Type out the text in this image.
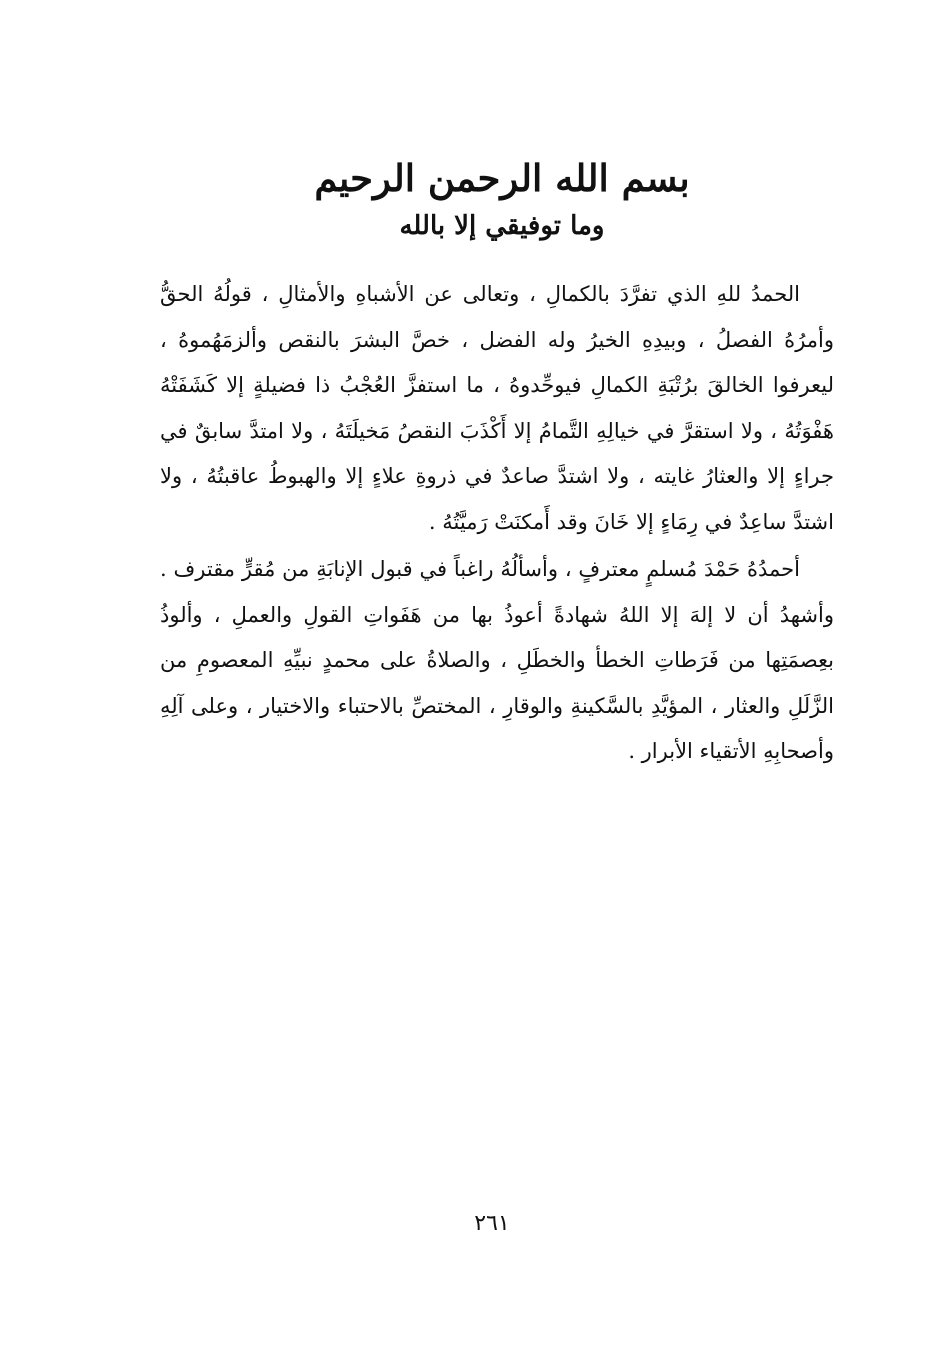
بسم الله الرحمن الرحيم
وما توفيقي إلا بالله

الحمدُ للهِ الذي تفرَّدَ بالكمالِ ، وتعالى عن الأشباهِ والأمثالِ ، قولُهُ الحقُّ وأمرُهُ الفصلُ ، وبيدِهِ الخيرُ وله الفضل ، خصَّ البشرَ بالنقص وألزمَهُموهُ ، ليعرفوا الخالقَ برُتْبَةِ الكمالِ فيوحِّدوهُ ، ما استفزَّ العُجْبُ ذا فضيلةٍ إلا كَشَفَتْهُ هَفْوَتُهُ ، ولا استقرَّ في خيالِهِ التَّمامُ إلا أَكْذَبَ النقصُ مَخيلَتَهُ ، ولا امتدَّ سابقٌ في جراءٍ إلا والعثارُ غايته ، ولا اشتدَّ صاعدٌ في ذروةِ علاءٍ إلا والهبوطُ عاقبتُهُ ، ولا اشتدَّ ساعِدٌ في رِمَاءٍ إلا خَانَ وقد أَمكنَتْ رَميَّتُهُ .

أحمدُهُ حَمْدَ مُسلمٍ معترفٍ ، وأسألُهُ راغباً في قبول الإنابَةِ من مُقرٍّ مقترف . وأشهدُ أن لا إلهَ إلا اللهُ شهادةً أعوذُ بها من هَفَواتِ القولِ والعملِ ، وألوذُ بعِصمَتِها من فَرَطاتِ الخطأ والخطَلِ ، والصلاةُ على محمدٍ نبيِّهِ المعصومِ من الزَّلَلِ والعثار ، المؤيَّدِ بالسَّكينةِ والوقارِ ، المختصِّ بالاحتباء والاختيار ، وعلى آلِهِ وأصحابِهِ الأتقياء الأبرار .

٢٦١
